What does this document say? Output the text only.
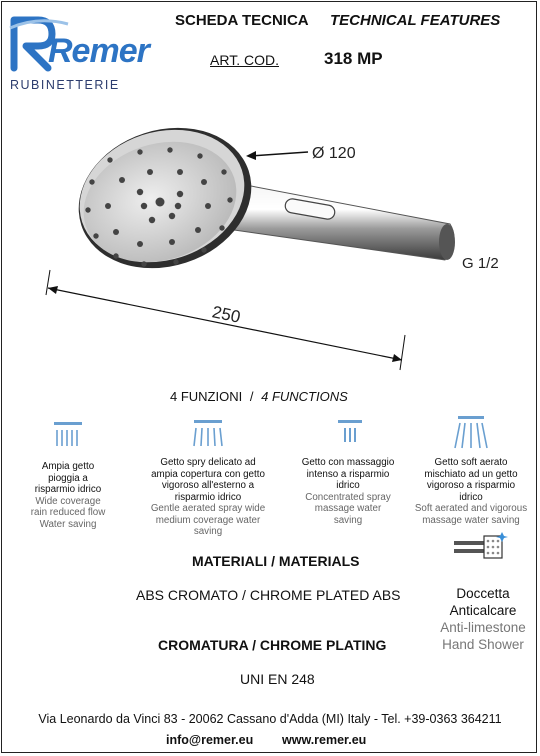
Remer
RUBINETTERIE
SCHEDA TECNICA TECHNICAL FEATURES
ART. COD.	318 MP
Ø 120
G 1/2
250
4 FUNZIONI / 4 FUNCTIONS
Ampia getto pioggia a risparmio idrico
Wide coverage rain reduced flow Water saving
Getto spry delicato ad ampia copertura con getto vigoroso all'esterno a risparmio idrico
Gentle aerated spray wide medium coverage water saving
Getto con massaggio intenso a risparmio idrico
Concentrated spray massage water saving
Getto soft aerato mischiato ad un getto vigoroso a risparmio idrico
Soft aerated and vigorous massage water saving
MATERIALI / MATERIALS
ABS CROMATO / CHROME PLATED ABS
CROMATURA / CHROME PLATING
UNI EN 248
Doccetta
Anticalcare
Anti-limestone
Hand Shower
Via Leonardo da Vinci 83 - 20062 Cassano d'Adda (MI) Italy - Tel. +39-0363 364211
info@remer.eu www.remer.eu
